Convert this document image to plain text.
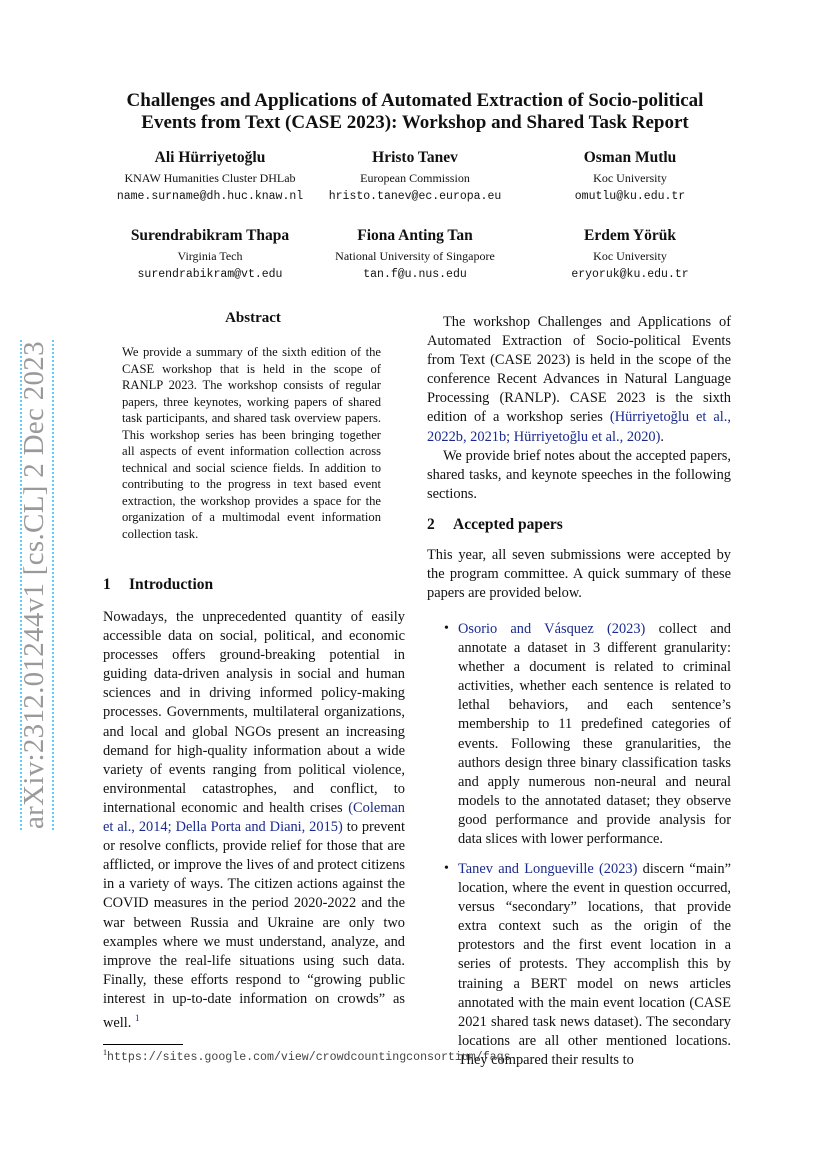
arXiv:2312.01244v1 [cs.CL] 2 Dec 2023
Challenges and Applications of Automated Extraction of Socio-political
Events from Text (CASE 2023): Workshop and Shared Task Report
Ali Hürriyetoğlu
KNAW Humanities Cluster DHLab
name.surname@dh.huc.knaw.nl
Hristo Tanev
European Commission
hristo.tanev@ec.europa.eu
Osman Mutlu
Koc University
omutlu@ku.edu.tr
Surendrabikram Thapa
Virginia Tech
surendrabikram@vt.edu
Fiona Anting Tan
National University of Singapore
tan.f@u.nus.edu
Erdem Yörük
Koc University
eryoruk@ku.edu.tr
Abstract
We provide a summary of the sixth edition of the CASE workshop that is held in the scope of RANLP 2023. The workshop consists of regular papers, three keynotes, working papers of shared task participants, and shared task overview papers. This workshop series has been bringing together all aspects of event information collection across technical and social science fields. In addition to contributing to the progress in text based event extraction, the workshop provides a space for the organization of a multimodal event information collection task.
1 Introduction

Nowadays, the unprecedented quantity of easily accessible data on social, political, and economic processes offers ground-breaking potential in guiding data-driven analysis in social and human sciences and in driving informed policy-making processes. Governments, multilateral organizations, and local and global NGOs present an increasing demand for high-quality information about a wide variety of events ranging from political violence, environmental catastrophes, and conflict, to international economic and health crises (Coleman et al., 2014; Della Porta and Diani, 2015) to prevent or resolve conflicts, provide relief for those that are afflicted, or improve the lives of and protect citizens in a variety of ways. The citizen actions against the COVID measures in the period 2020-2022 and the war between Russia and Ukraine are only two examples where we must understand, analyze, and improve the real-life situations using such data. Finally, these efforts respond to “growing public interest in up-to-date information on crowds” as well. $^1$

The workshop Challenges and Applications of Automated Extraction of Socio-political Events from Text (CASE 2023) is held in the scope of the conference Recent Advances in Natural Language Processing (RANLP). CASE 2023 is the sixth edition of a workshop series (Hürriyetoğlu et al., 2022b, 2021b; Hürriyetoğlu et al., 2020).

We provide brief notes about the accepted papers, shared tasks, and keynote speeches in the following sections.

2 Accepted papers
This year, all seven submissions were accepted by the program committee. A quick summary of these papers are provided below.
• Osorio and Vásquez (2023) collect and annotate a dataset in 3 different granularity: whether a document is related to criminal activities, whether each sentence is related to lethal behaviors, and each sentence’s membership to 11 predefined categories of events. Following these granularities, the authors design three binary classification tasks and apply numerous non-neural and neural models to the annotated dataset; they observe good performance and provide analysis for data slices with lower performance.
• Tanev and Longueville (2023) discern “main” location, where the event in question occurred, versus “secondary” locations, that provide extra context such as the origin of the protestors and the first event location in a series of protests. They accomplish this by training a BERT model on news articles annotated with the main event location (CASE 2021 shared task news dataset). The secondary locations are all other mentioned locations. They compared their results to
$^1$https://sites.google.com/view/crowdcountingconsortium/faqs
